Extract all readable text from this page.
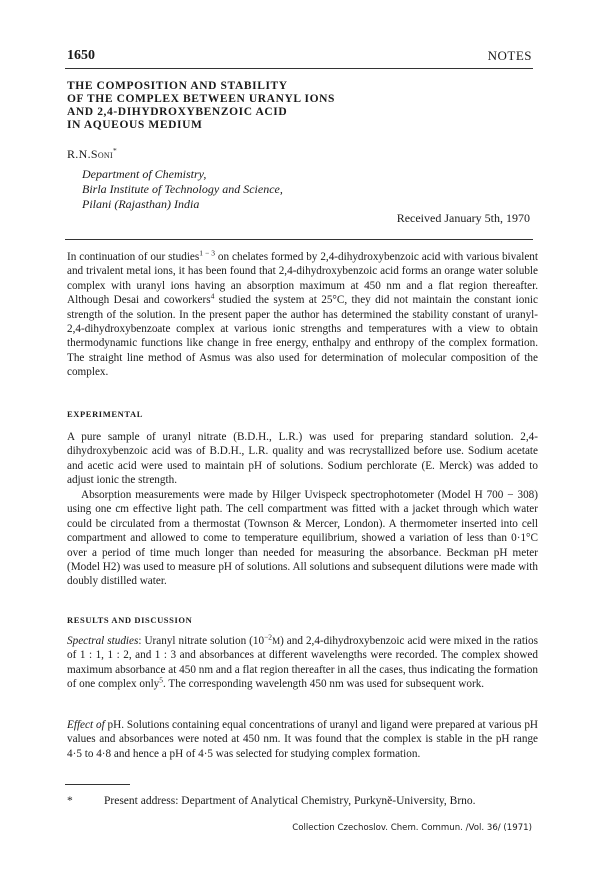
1650	NOTES
THE COMPOSITION AND STABILITY
OF THE COMPLEX BETWEEN URANYL IONS
AND 2,4-DIHYDROXYBENZOIC ACID
IN AQUEOUS MEDIUM
R.N.Soni*
Department of Chemistry,
Birla Institute of Technology and Science,
Pilani (Rajasthan) India
Received January 5th, 1970

In continuation of our studies$^{1 - 3}$ on chelates formed by 2,4-dihydroxybenzoic acid with various bivalent and trivalent metal ions, it has been found that 2,4-dihydroxybenzoic acid forms an orange water soluble complex with uranyl ions having an absorption maximum at 450 nm and a flat region thereafter. Although Desai and coworkers$^4$ studied the system at 25°C, they did not maintain the constant ionic strength of the solution. In the present paper the author has determined the stability constant of uranyl-2,4-dihydroxybenzoate complex at various ionic strengths and temperatures with a view to obtain thermodynamic functions like change in free energy, enthalpy and enthropy of the complex formation. The straight line method of Asmus was also used for determination of molecular composition of the complex.

EXPERIMENTAL

A pure sample of uranyl nitrate (B.D.H., L.R.) was used for preparing standard solution. 2,4-dihydroxybenzoic acid was of B.D.H., L.R. quality and was recrystallized before use. Sodium acetate and acetic acid were used to maintain pH of solutions. Sodium perchlorate (E. Merck) was added to adjust ionic the strength.

Absorption measurements were made by Hilger Uvispeck spectrophotometer (Model H 700 − 308) using one cm effective light path. The cell compartment was fitted with a jacket through which water could be circulated from a thermostat (Townson & Mercer, London). A thermometer inserted into cell compartment and allowed to come to temperature equilibrium, showed a variation of less than 0·1°C over a period of time much longer than needed for measuring the absorbance. Beckman pH meter (Model H2) was used to measure pH of solutions. All solutions and subsequent dilutions were made with doubly distilled water.

RESULTS AND DISCUSSION

Spectral studies: Uranyl nitrate solution $(10^{-2}M)$ and 2,4-dihydroxybenzoic acid were mixed in the ratios of 1 : 1, 1 : 2, and 1 : 3 and absorbances at different wavelengths were recorded. The complex showed maximum absorbance at 450 nm and a flat region thereafter in all the cases, thus indicating the formation of one complex only$^5$. The corresponding wavelength 450 nm was used for subsequent work.

Effect of pH. Solutions containing equal concentrations of uranyl and ligand were prepared at various pH values and absorbances were noted at 450 nm. It was found that the complex is stable in the pH range 4·5 to 4·8 and hence a pH of 4·5 was selected for studying complex formation.

*	Present address: Department of Analytical Chemistry, Purkyně-University, Brno.
Collection Czechoslov. Chem. Commun. /Vol. 36/ (1971)
